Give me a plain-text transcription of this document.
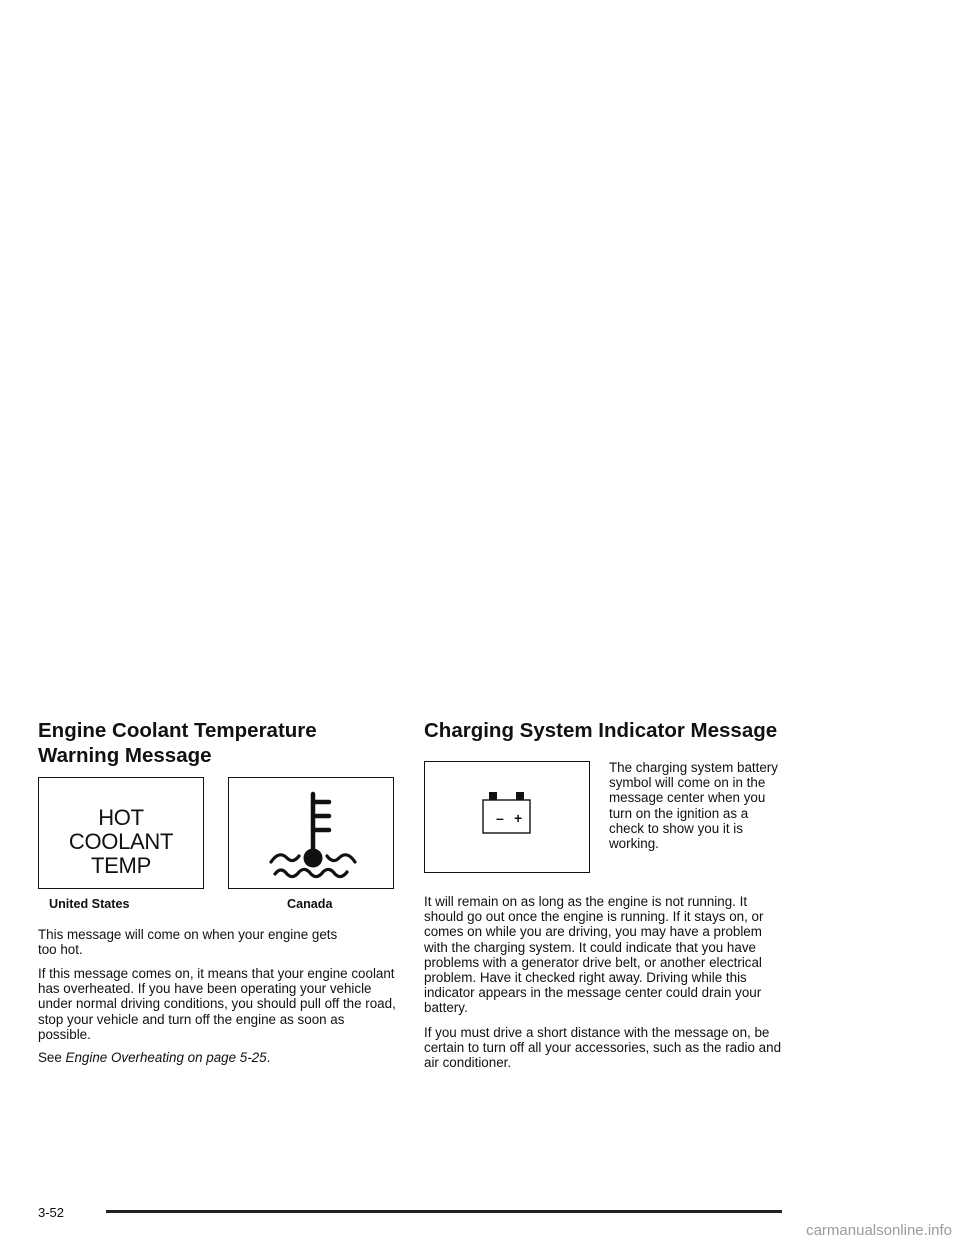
Engine Coolant Temperature
Warning Message
HOT
COOLANT
TEMP
United States	Canada

This message will come on when your engine gets too hot.

If this message comes on, it means that your engine coolant has overheated. If you have been operating your vehicle under normal driving conditions, you should pull off the road, stop your vehicle and turn off the engine as soon as possible.

See Engine Overheating on page 5-25.

Charging System Indicator Message
– +

The charging system battery symbol will come on in the message center when you turn on the ignition as a check to show you it is working.

It will remain on as long as the engine is not running. It should go out once the engine is running. If it stays on, or comes on while you are driving, you may have a problem with the charging system. It could indicate that you have problems with a generator drive belt, or another electrical problem. Have it checked right away. Driving while this indicator appears in the message center could drain your battery.

If you must drive a short distance with the message on, be certain to turn off all your accessories, such as the radio and air conditioner.

3-52
carmanualsonline.info
